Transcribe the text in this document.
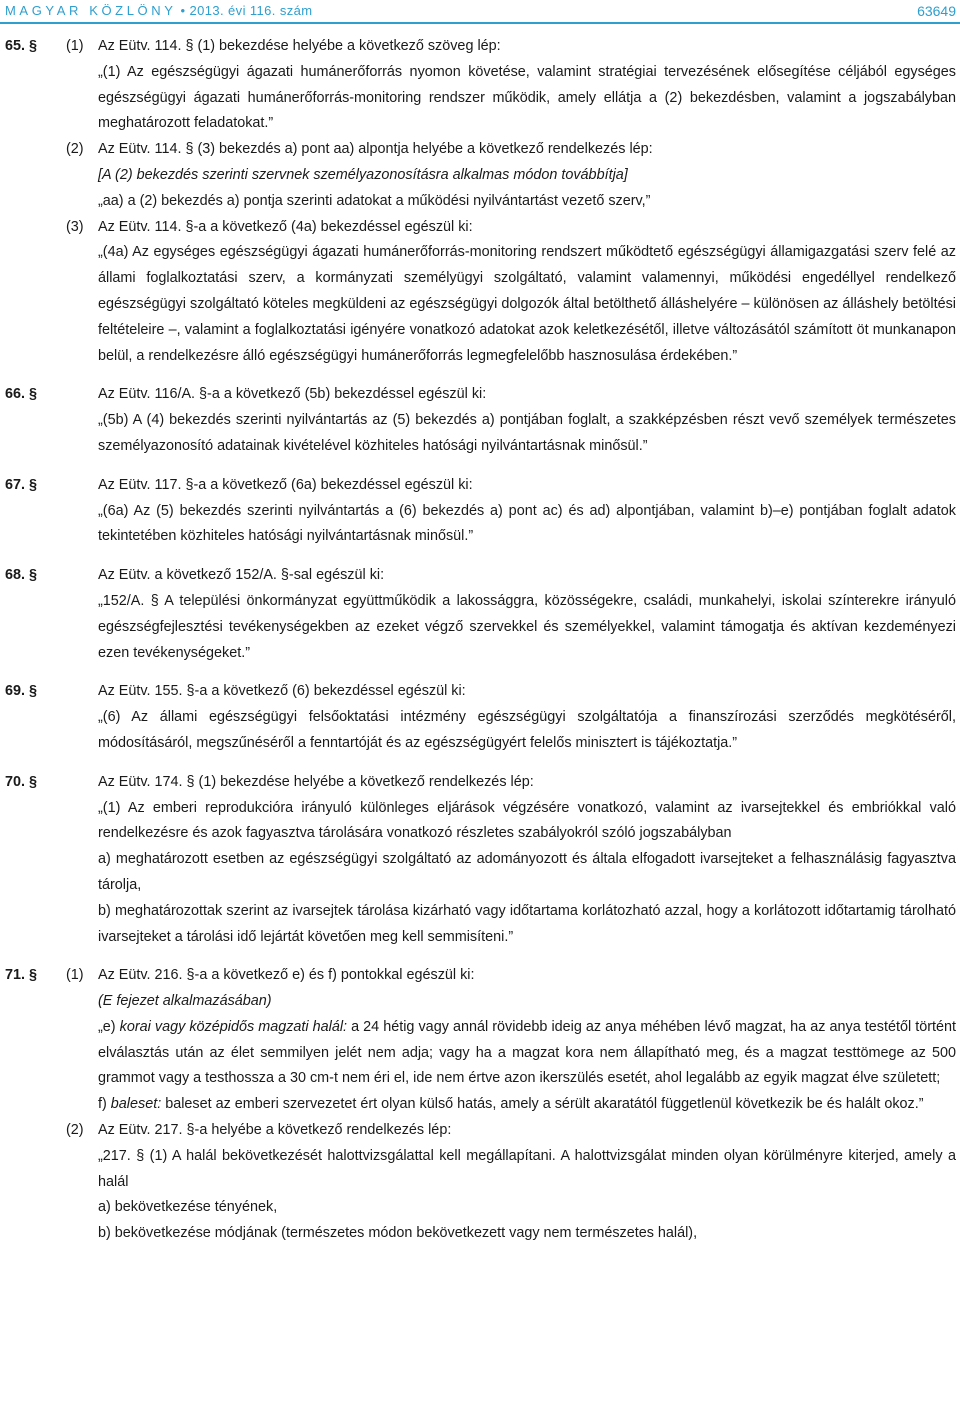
MAGYAR KÖZLÖNY • 2013. évi 116. szám	63649
65. § (1) Az Eütv. 114. § (1) bekezdése helyébe a következő szöveg lép:
„(1) Az egészségügyi ágazati humánerőforrás nyomon követése, valamint stratégiai tervezésének elősegítése céljából egységes egészségügyi ágazati humánerőforrás-monitoring rendszer működik, amely ellátja a (2) bekezdésben, valamint a jogszabályban meghatározott feladatokat.”
(2) Az Eütv. 114. § (3) bekezdés a) pont aa) alpontja helyébe a következő rendelkezés lép:
[A (2) bekezdés szerinti szervnek személyazonosításra alkalmas módon továbbítja]
„aa) a (2) bekezdés a) pontja szerinti adatokat a működési nyilvántartást vezető szerv,”
(3) Az Eütv. 114. §-a a következő (4a) bekezdéssel egészül ki:
„(4a) Az egységes egészségügyi ágazati humánerőforrás-monitoring rendszert működtető egészségügyi államigazgatási szerv felé az állami foglalkoztatási szerv, a kormányzati személyügyi szolgáltató, valamint valamennyi, működési engedéllyel rendelkező egészségügyi szolgáltató köteles megküldeni az egészségügyi dolgozók által betölthető álláshelyére – különösen az álláshely betöltési feltételeire –, valamint a foglalkoztatási igényére vonatkozó adatokat azok keletkezésétől, illetve változásától számított öt munkanapon belül, a rendelkezésre álló egészségügyi humánerőforrás legmegfelelőbb hasznosulása érdekében.”
66. §	Az Eütv. 116/A. §-a a következő (5b) bekezdéssel egészül ki:
„(5b) A (4) bekezdés szerinti nyilvántartás az (5) bekezdés a) pontjában foglalt, a szakképzésben részt vevő személyek természetes személyazonosító adatainak kivételével közhiteles hatósági nyilvántartásnak minősül.”
67. §	Az Eütv. 117. §-a a következő (6a) bekezdéssel egészül ki:
„(6a) Az (5) bekezdés szerinti nyilvántartás a (6) bekezdés a) pont ac) és ad) alpontjában, valamint b)–e) pontjában foglalt adatok tekintetében közhiteles hatósági nyilvántartásnak minősül.”
68. §	Az Eütv. a következő 152/A. §-sal egészül ki:
„152/A. § A települési önkormányzat együttműködik a lakossággra, közösségekre, családi, munkahelyi, iskolai színterekre irányuló egészségfejlesztési tevékenységekben az ezeket végző szervekkel és személyekkel, valamint támogatja és aktívan kezdeményezi ezen tevékenységeket.”
69. §	Az Eütv. 155. §-a a következő (6) bekezdéssel egészül ki:
„(6) Az állami egészségügyi felsőoktatási intézmény egészségügyi szolgáltatója a finanszírozási szerződés megkötéséről, módosításáról, megszűnéséről a fenntartóját és az egészségügyért felelős minisztert is tájékoztatja.”
70. §	Az Eütv. 174. § (1) bekezdése helyébe a következő rendelkezés lép:
„(1) Az emberi reprodukcióra irányuló különleges eljárások végzésére vonatkozó, valamint az ivarsejtekkel és embriókkal való rendelkezésre és azok fagyasztva tárolására vonatkozó részletes szabályokról szóló jogszabályban
a) meghatározott esetben az egészségügyi szolgáltató az adományozott és általa elfogadott ivarsejteket a felhasználásig fagyasztva tárolja,
b) meghatározottak szerint az ivarsejtek tárolása kizárható vagy időtartama korlátozható azzal, hogy a korlátozott időtartamig tárolható ivarsejteket a tárolási idő lejártát követően meg kell semmisíteni.”
71. § (1) Az Eütv. 216. §-a a következő e) és f) pontokkal egészül ki:
(E fejezet alkalmazásában)
„e) korai vagy középidős magzati halál: a 24 hétig vagy annál rövidebb ideig az anya méhében lévő magzat, ha az anya testétől történt elválasztás után az élet semmilyen jelét nem adja; vagy ha a magzat kora nem állapítható meg, és a magzat testtömege az 500 grammot vagy a testhossza a 30 cm-t nem éri el, ide nem értve azon ikerszülés esetét, ahol legalább az egyik magzat élve született;
f) baleset: baleset az emberi szervezetet ért olyan külső hatás, amely a sérült akaratától függetlenül következik be és halált okoz.”
(2) Az Eütv. 217. §-a helyébe a következő rendelkezés lép:
„217. § (1) A halál bekövetkezését halottvizsgálattal kell megállapítani. A halottvizsgálat minden olyan körülményre kiterjed, amely a halál
a) bekövetkezése tényének,
b) bekövetkezése módjának (természetes módon bekövetkezett vagy nem természetes halál),
